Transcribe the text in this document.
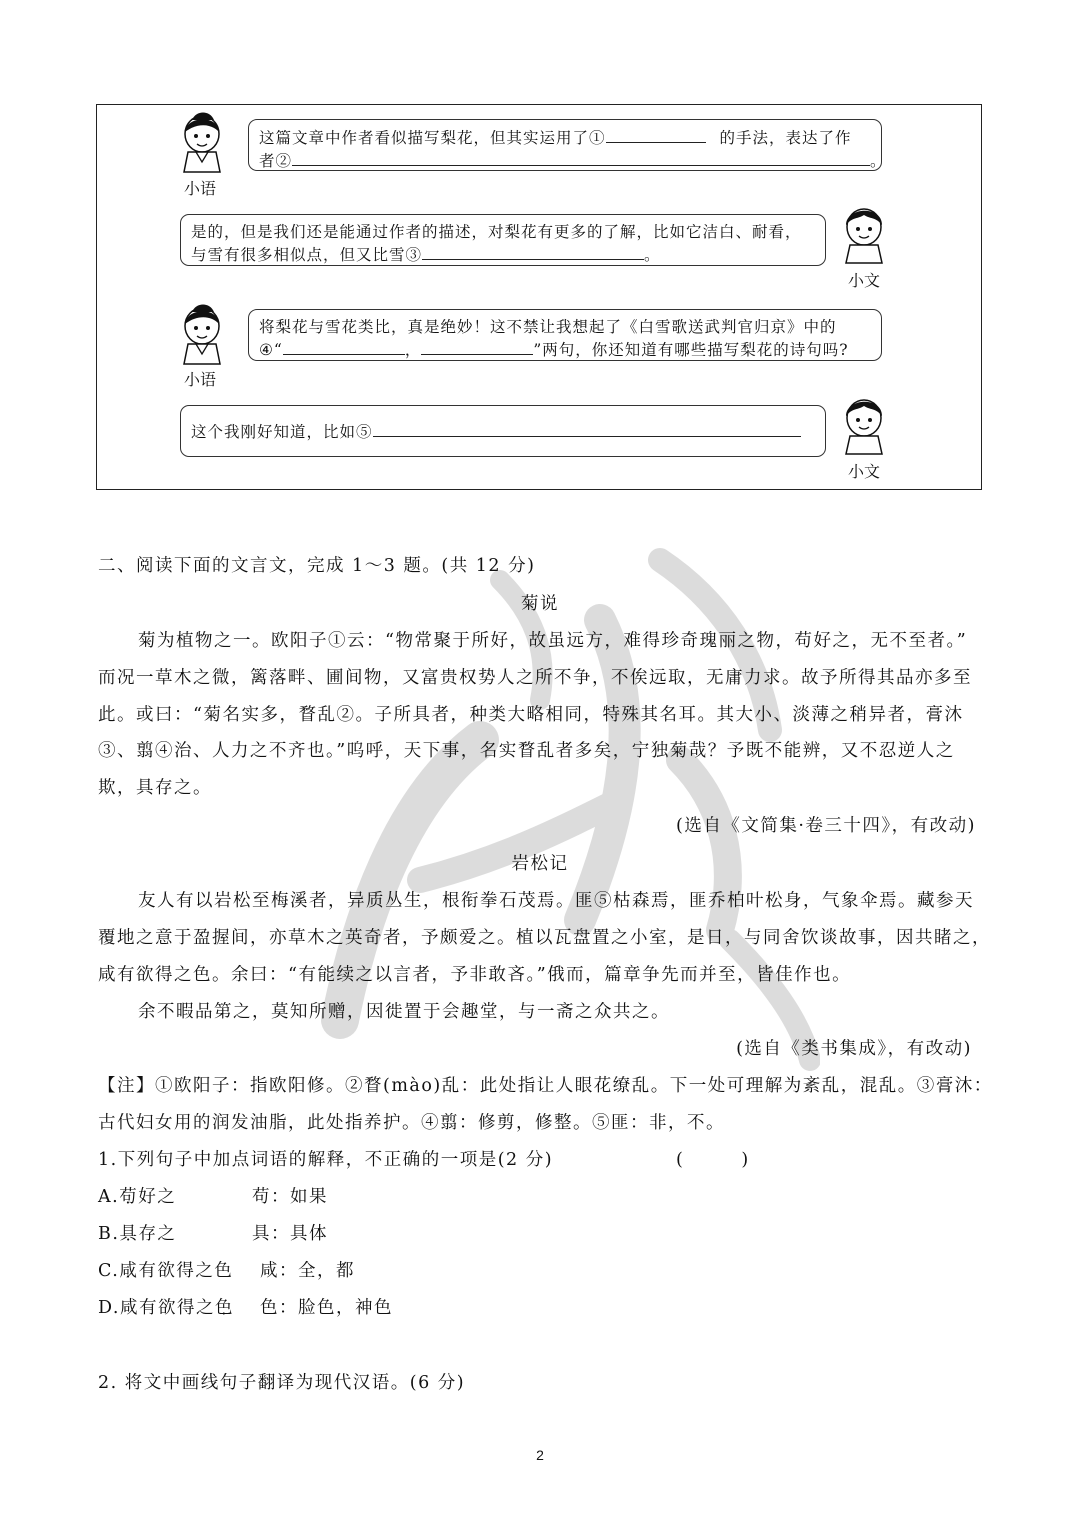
小语
这篇文章中作者看似描写梨花，但其实运用了①	的手法，表达了作
者②	。
是的，但是我们还是能通过作者的描述，对梨花有更多的了解，比如它洁白、耐看，
与雪有很多相似点，但又比雪③	。
小文
小语
将梨花与雪花类比，真是绝妙！这不禁让我想起了《白雪歌送武判官归京》中的
④“	，	”两句，你还知道有哪些描写梨花的诗句吗?
这个我刚好知道，比如⑤
小文
二、阅读下面的文言文，完成 1～3 题。(共 12 分)
菊说
菊为植物之一。欧阳子①云：“物常聚于所好，故虽远方，难得珍奇瑰丽之物，苟好之，无不至者。”
而况一草木之微，篱落畔、圃间物，又富贵权势人之所不争，不俟远取，无庸力求。故予所得其品亦多至
此。或曰：“菊名实多，瞀乱②。子所具者，种类大略相同，特殊其名耳。其大小、淡薄之稍异者，膏沐
③、翦④治、人力之不齐也。”呜呼，天下事，名实瞀乱者多矣，宁独菊哉？予既不能辨，又不忍逆人之
欺，具存之。
(选自《文简集·卷三十四》，有改动)
岩松记
友人有以岩松至梅溪者，异质丛生，根衔拳石茂焉。匪⑤枯森焉，匪乔柏叶松身，气象伞焉。藏参天
覆地之意于盈握间，亦草木之英奇者，予颇爱之。植以瓦盘置之小室，是日，与同舍饮谈故事，因共睹之，
咸有欲得之色。余曰：“有能续之以言者，予非敢吝。”俄而，篇章争先而并至，皆佳作也。
余不暇品第之，莫知所赠，因徙置于会趣堂，与一斋之众共之。
(选自《类书集成》，有改动)
【注】①欧阳子：指欧阳修。②瞀(mào)乱：此处指让人眼花缭乱。下一处可理解为紊乱，混乱。③膏沐：
古代妇女用的润发油脂，此处指养护。④翦：修剪，修整。⑤匪：非，不。
1.下列句子中加点词语的解释，不正确的一项是(2 分)	(　　　)
A.苟好之	苟：如果
B.具存之	具：具体
C.咸有欲得之色 咸：全，都
D.咸有欲得之色 色：脸色，神色
2. 将文中画线句子翻译为现代汉语。(6 分)
2
